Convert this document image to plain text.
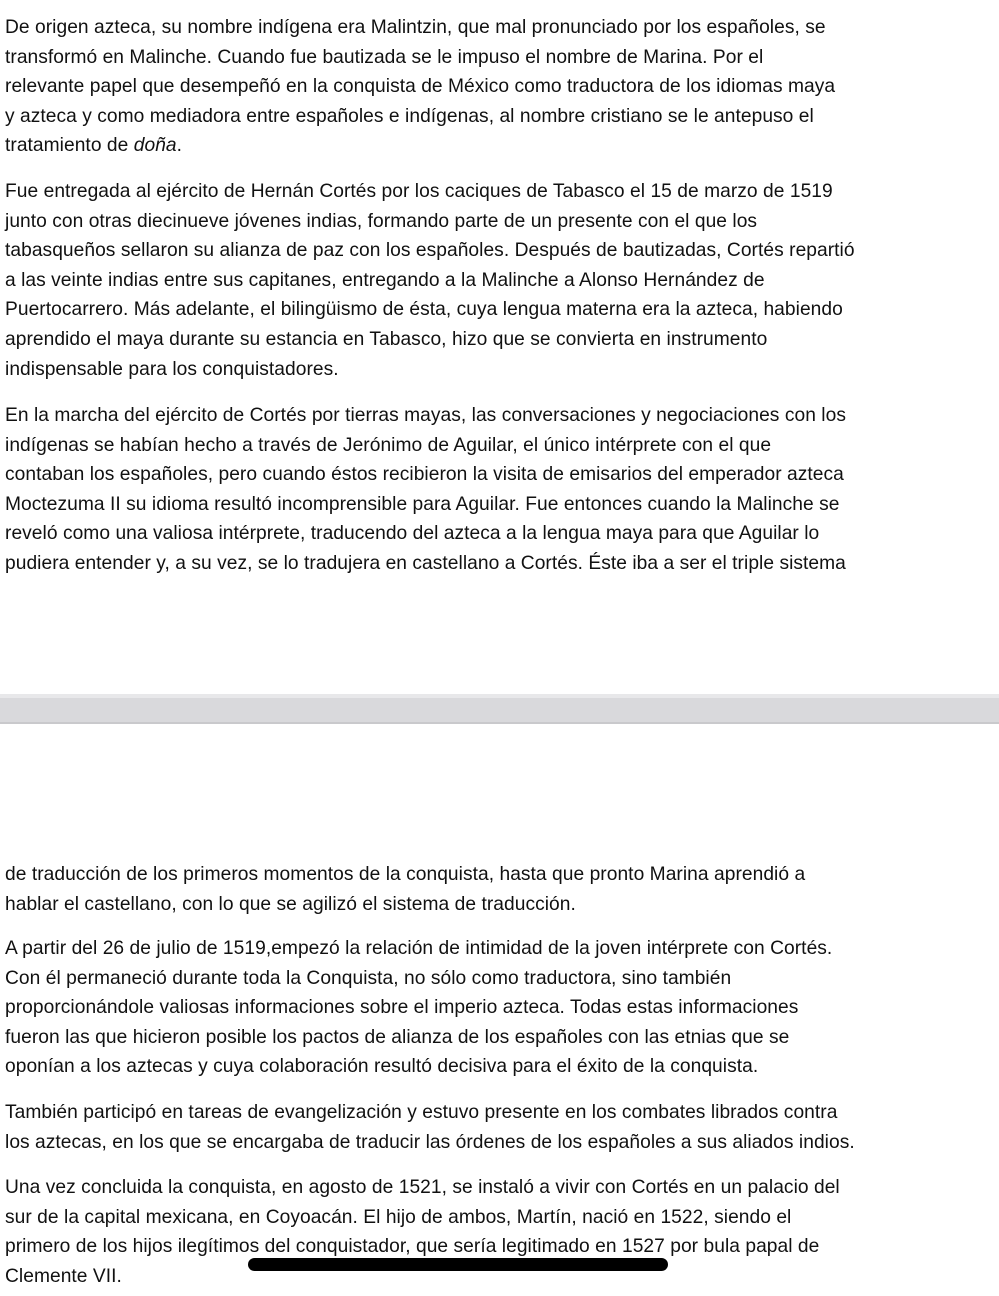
De origen azteca, su nombre indígena era Malintzin, que mal pronunciado por los españoles, se
transformó en Malinche. Cuando fue bautizada se le impuso el nombre de Marina. Por el
relevante papel que desempeñó en la conquista de México como traductora de los idiomas maya
y azteca y como mediadora entre españoles e indígenas, al nombre cristiano se le antepuso el
tratamiento de doña.

Fue entregada al ejército de Hernán Cortés por los caciques de Tabasco el 15 de marzo de 1519
junto con otras diecinueve jóvenes indias, formando parte de un presente con el que los
tabasqueños sellaron su alianza de paz con los españoles. Después de bautizadas, Cortés repartió
a las veinte indias entre sus capitanes, entregando a la Malinche a Alonso Hernández de
Puertocarrero. Más adelante, el bilingüismo de ésta, cuya lengua materna era la azteca, habiendo
aprendido el maya durante su estancia en Tabasco, hizo que se convierta en instrumento
indispensable para los conquistadores.

En la marcha del ejército de Cortés por tierras mayas, las conversaciones y negociaciones con los
indígenas se habían hecho a través de Jerónimo de Aguilar, el único intérprete con el que
contaban los españoles, pero cuando éstos recibieron la visita de emisarios del emperador azteca
Moctezuma II su idioma resultó incomprensible para Aguilar. Fue entonces cuando la Malinche se
reveló como una valiosa intérprete, traducendo del azteca a la lengua maya para que Aguilar lo
pudiera entender y, a su vez, se lo tradujera en castellano a Cortés. Éste iba a ser el triple sistema

de traducción de los primeros momentos de la conquista, hasta que pronto Marina aprendió a
hablar el castellano, con lo que se agilizó el sistema de traducción.

A partir del 26 de julio de 1519,empezó la relación de intimidad de la joven intérprete con Cortés.
Con él permaneció durante toda la Conquista, no sólo como traductora, sino también
proporcionándole valiosas informaciones sobre el imperio azteca. Todas estas informaciones
fueron las que hicieron posible los pactos de alianza de los españoles con las etnias que se
oponían a los aztecas y cuya colaboración resultó decisiva para el éxito de la conquista.

También participó en tareas de evangelización y estuvo presente en los combates librados contra
los aztecas, en los que se encargaba de traducir las órdenes de los españoles a sus aliados indios.

Una vez concluida la conquista, en agosto de 1521, se instaló a vivir con Cortés en un palacio del
sur de la capital mexicana, en Coyoacán. El hijo de ambos, Martín, nació en 1522, siendo el
primero de los hijos ilegítimos del conquistador, que sería legitimado en 1527 por bula papal de
Clemente VII.
